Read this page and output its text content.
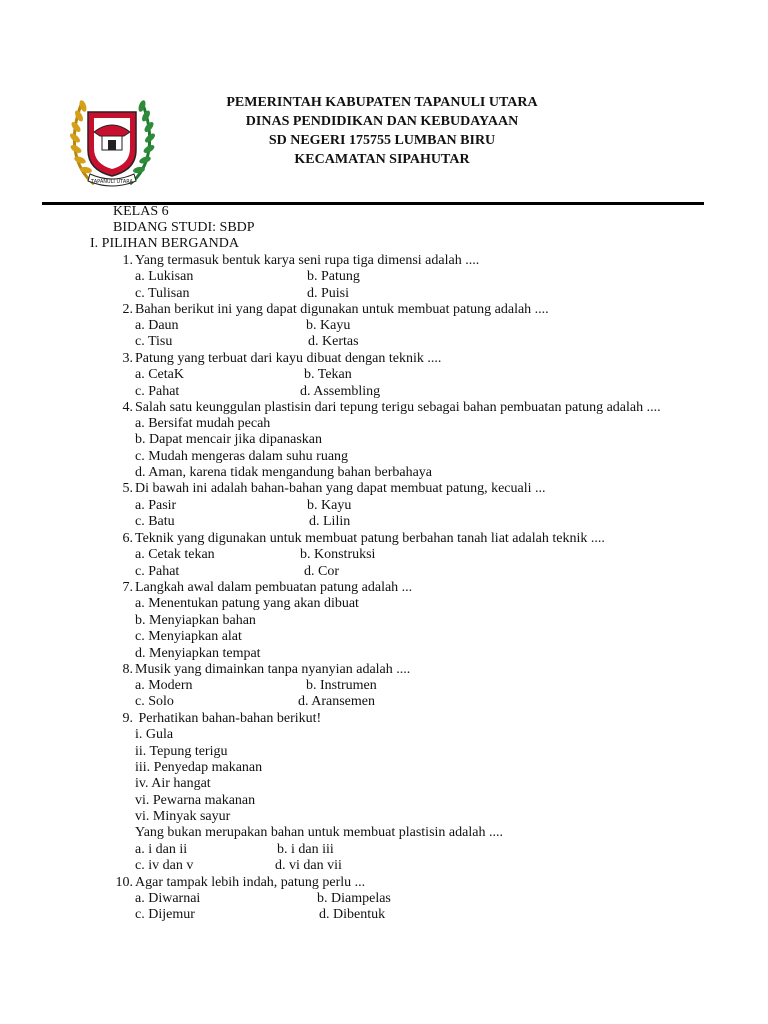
TAPANULI UTARA
PEMERINTAH KABUPATEN TAPANULI UTARA
DINAS PENDIDIKAN DAN KEBUDAYAAN
SD NEGERI 175755 LUMBAN BIRU
KECAMATAN SIPAHUTAR
KELAS 6
BIDANG STUDI: SBDP
I. PILIHAN BERGANDA
1. Yang termasuk bentuk karya seni rupa tiga dimensi adalah ....
a. Lukisan	b. Patung
c. Tulisan	d. Puisi
2. Bahan berikut ini yang dapat digunakan untuk membuat patung adalah ....
a. Daun	b. Kayu
c. Tisu	d. Kertas
3. Patung yang terbuat dari kayu dibuat dengan teknik ....
a. CetaK	b. Tekan
c. Pahat	d. Assembling
4. Salah satu keunggulan plastisin dari tepung terigu sebagai bahan pembuatan patung adalah ....
a. Bersifat mudah pecah
b. Dapat mencair jika dipanaskan
c. Mudah mengeras dalam suhu ruang
d. Aman, karena tidak mengandung bahan berbahaya
5. Di bawah ini adalah bahan-bahan yang dapat membuat patung, kecuali ...
a. Pasir	b. Kayu
c. Batu	d. Lilin
6. Teknik yang digunakan untuk membuat patung berbahan tanah liat adalah teknik ....
a. Cetak tekan	b. Konstruksi
c. Pahat	d. Cor
7. Langkah awal dalam pembuatan patung adalah ...
a. Menentukan patung yang akan dibuat
b. Menyiapkan bahan
c. Menyiapkan alat
d. Menyiapkan tempat
8. Musik yang dimainkan tanpa nyanyian adalah ....
a. Modern	b. Instrumen
c. Solo	d. Aransemen
9. Perhatikan bahan-bahan berikut!
i. Gula
ii. Tepung terigu
iii. Penyedap makanan
iv. Air hangat
vi. Pewarna makanan
vi. Minyak sayur
Yang bukan merupakan bahan untuk membuat plastisin adalah ....
a. i dan ii	b. i dan iii
c. iv dan v	d. vi dan vii
10. Agar tampak lebih indah, patung perlu ...
a. Diwarnai	b. Diampelas
c. Dijemur	d. Dibentuk
